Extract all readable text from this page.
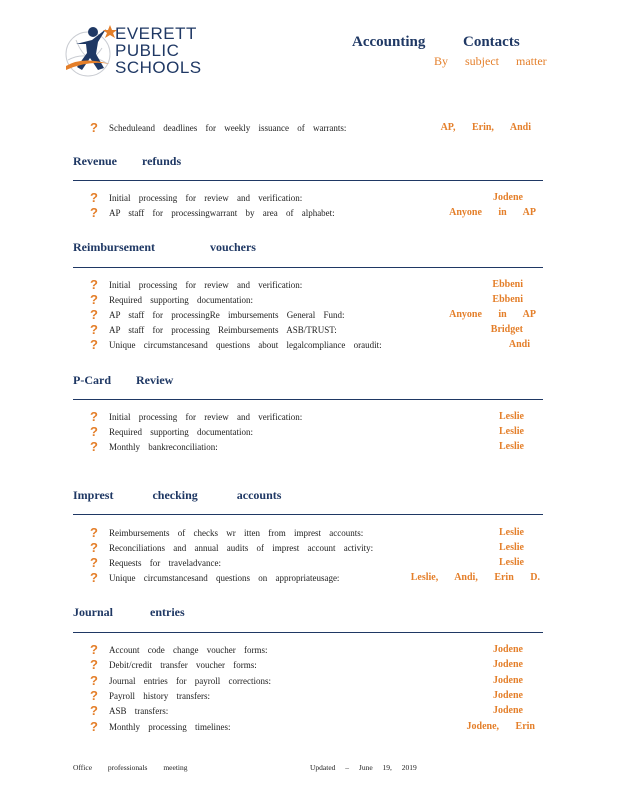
EVERETT
PUBLIC
SCHOOLS
Accounting	Contacts
By subject matter
? Scheduleand deadlines for weekly issuance of warrants:	AP, Erin, Andi
Revenue refunds
? Initial processing for review and verification:	Jodene
? AP staff for processingwarrant by area of alphabet:	Anyone in AP
Reimbursement vouchers
? Initial processing for review and verification:	Ebbeni
? Required supporting documentation:	Ebbeni
? AP staff for processingRe imbursements General Fund:	Anyone in AP
? AP staff for processing Reimbursements ASB/TRUST:	Bridget
? Unique circumstancesand questions about legalcompliance oraudit:	Andi
P-Card Review
? Initial processing for review and verification:	Leslie
? Required supporting documentation:	Leslie
? Monthly bankreconciliation:	Leslie
Imprest checking accounts
? Reimbursements of checks wr itten from imprest accounts:	Leslie
? Reconciliations and annual audits of imprest account activity:	Leslie
? Requests for traveladvance:	Leslie
? Unique circumstancesand questions on appropriateusage:	Leslie, Andi, Erin D.
Journal entries
? Account code change voucher forms:	Jodene
? Debit/credit transfer voucher forms:	Jodene
? Journal entries for payroll corrections:	Jodene
? Payroll history transfers:	Jodene
? ASB transfers:	Jodene
? Monthly processing timelines:	Jodene, Erin
Office professionals meeting	Updated – June 19, 2019
